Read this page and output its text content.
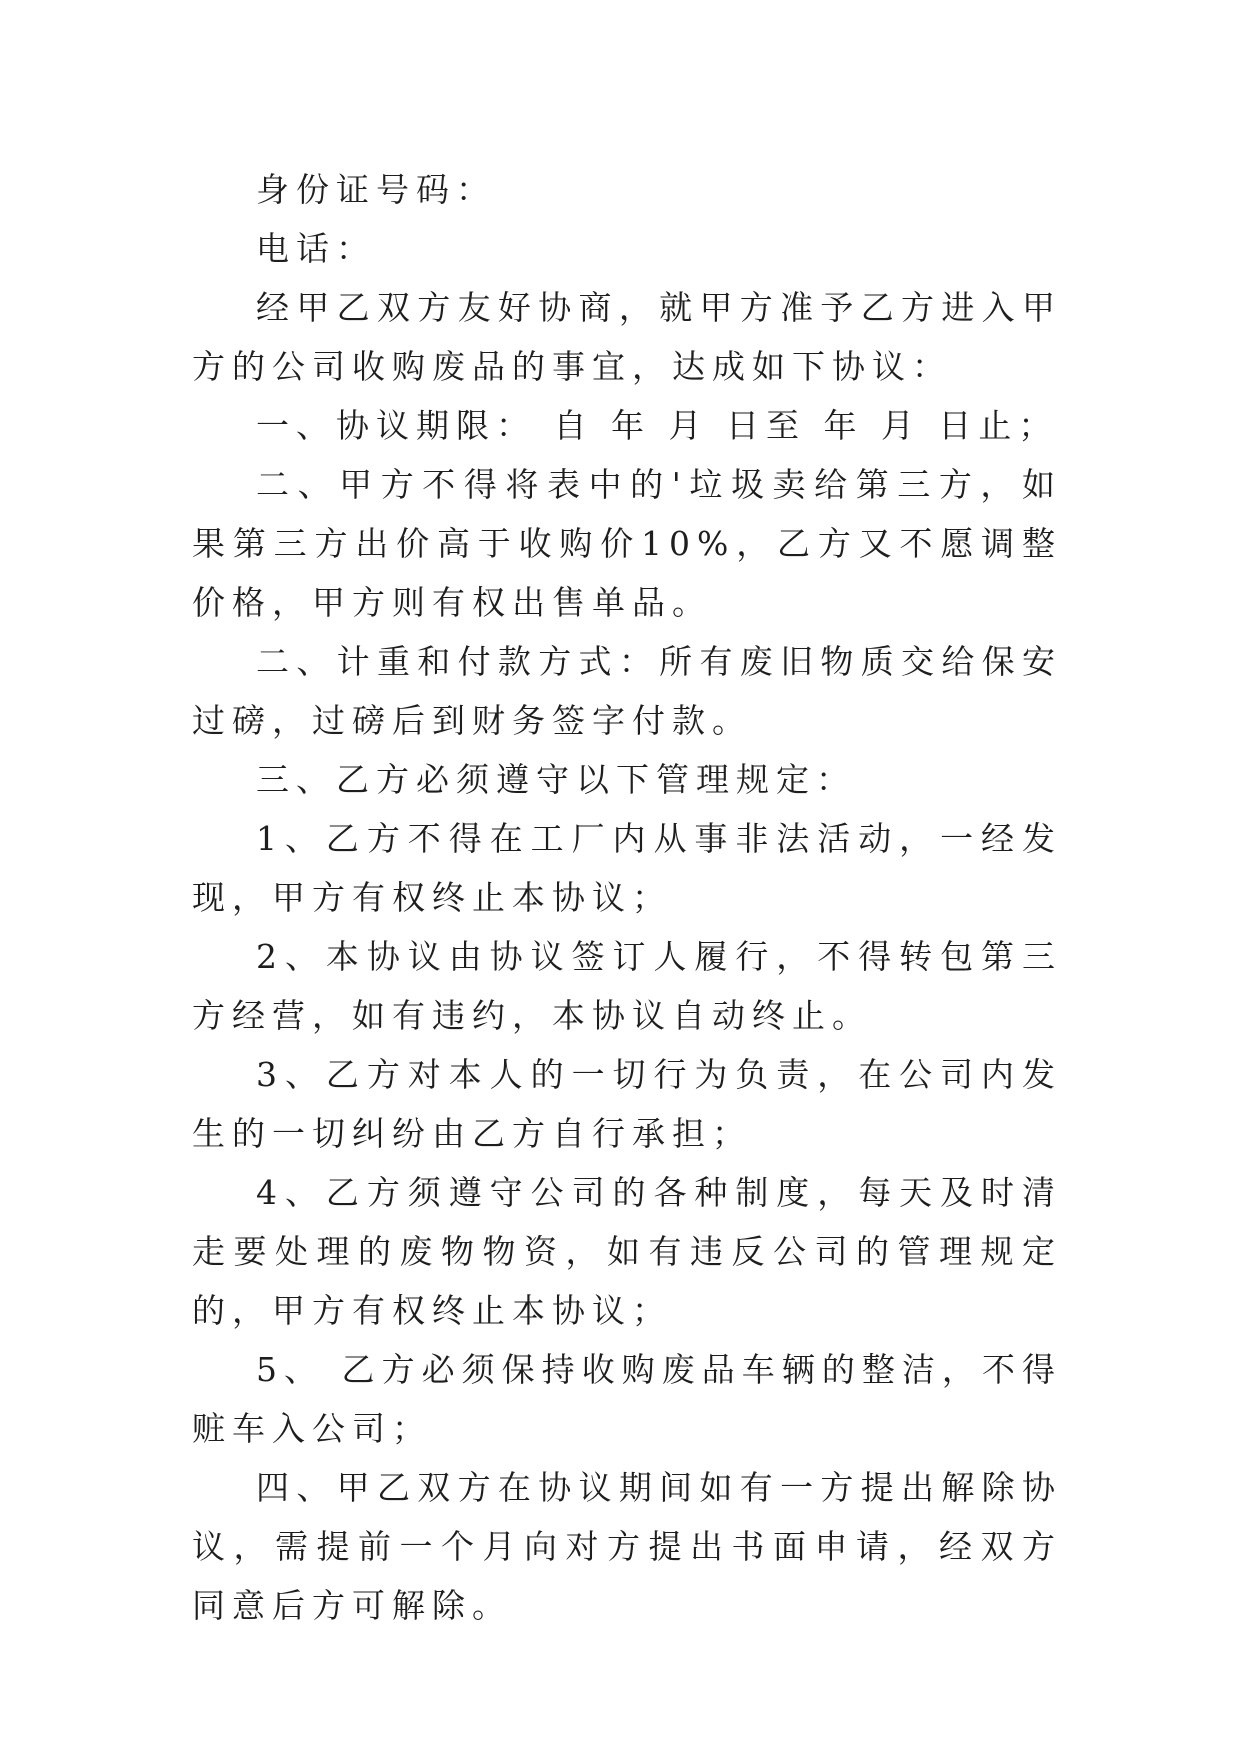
身份证号码：

电话：

经甲乙双方友好协商，就甲方准予乙方进入甲方的公司收购废品的事宜，达成如下协议：

一、协议期限： 自 年 月 日至 年 月 日止；

二、甲方不得将表中的'垃圾卖给第三方，如果第三方出价高于收购价10%，乙方又不愿调整价格，甲方则有权出售单品。

二、计重和付款方式：所有废旧物质交给保安过磅，过磅后到财务签字付款。

三、乙方必须遵守以下管理规定：

1、乙方不得在工厂内从事非法活动，一经发现，甲方有权终止本协议；

2、本协议由协议签订人履行，不得转包第三方经营，如有违约，本协议自动终止。

3、乙方对本人的一切行为负责，在公司内发生的一切纠纷由乙方自行承担；

4、乙方须遵守公司的各种制度，每天及时清走要处理的废物物资，如有违反公司的管理规定的，甲方有权终止本协议；

5、 乙方必须保持收购废品车辆的整洁，不得赃车入公司；

四、甲乙双方在协议期间如有一方提出解除协议，需提前一个月向对方提出书面申请，经双方同意后方可解除。
